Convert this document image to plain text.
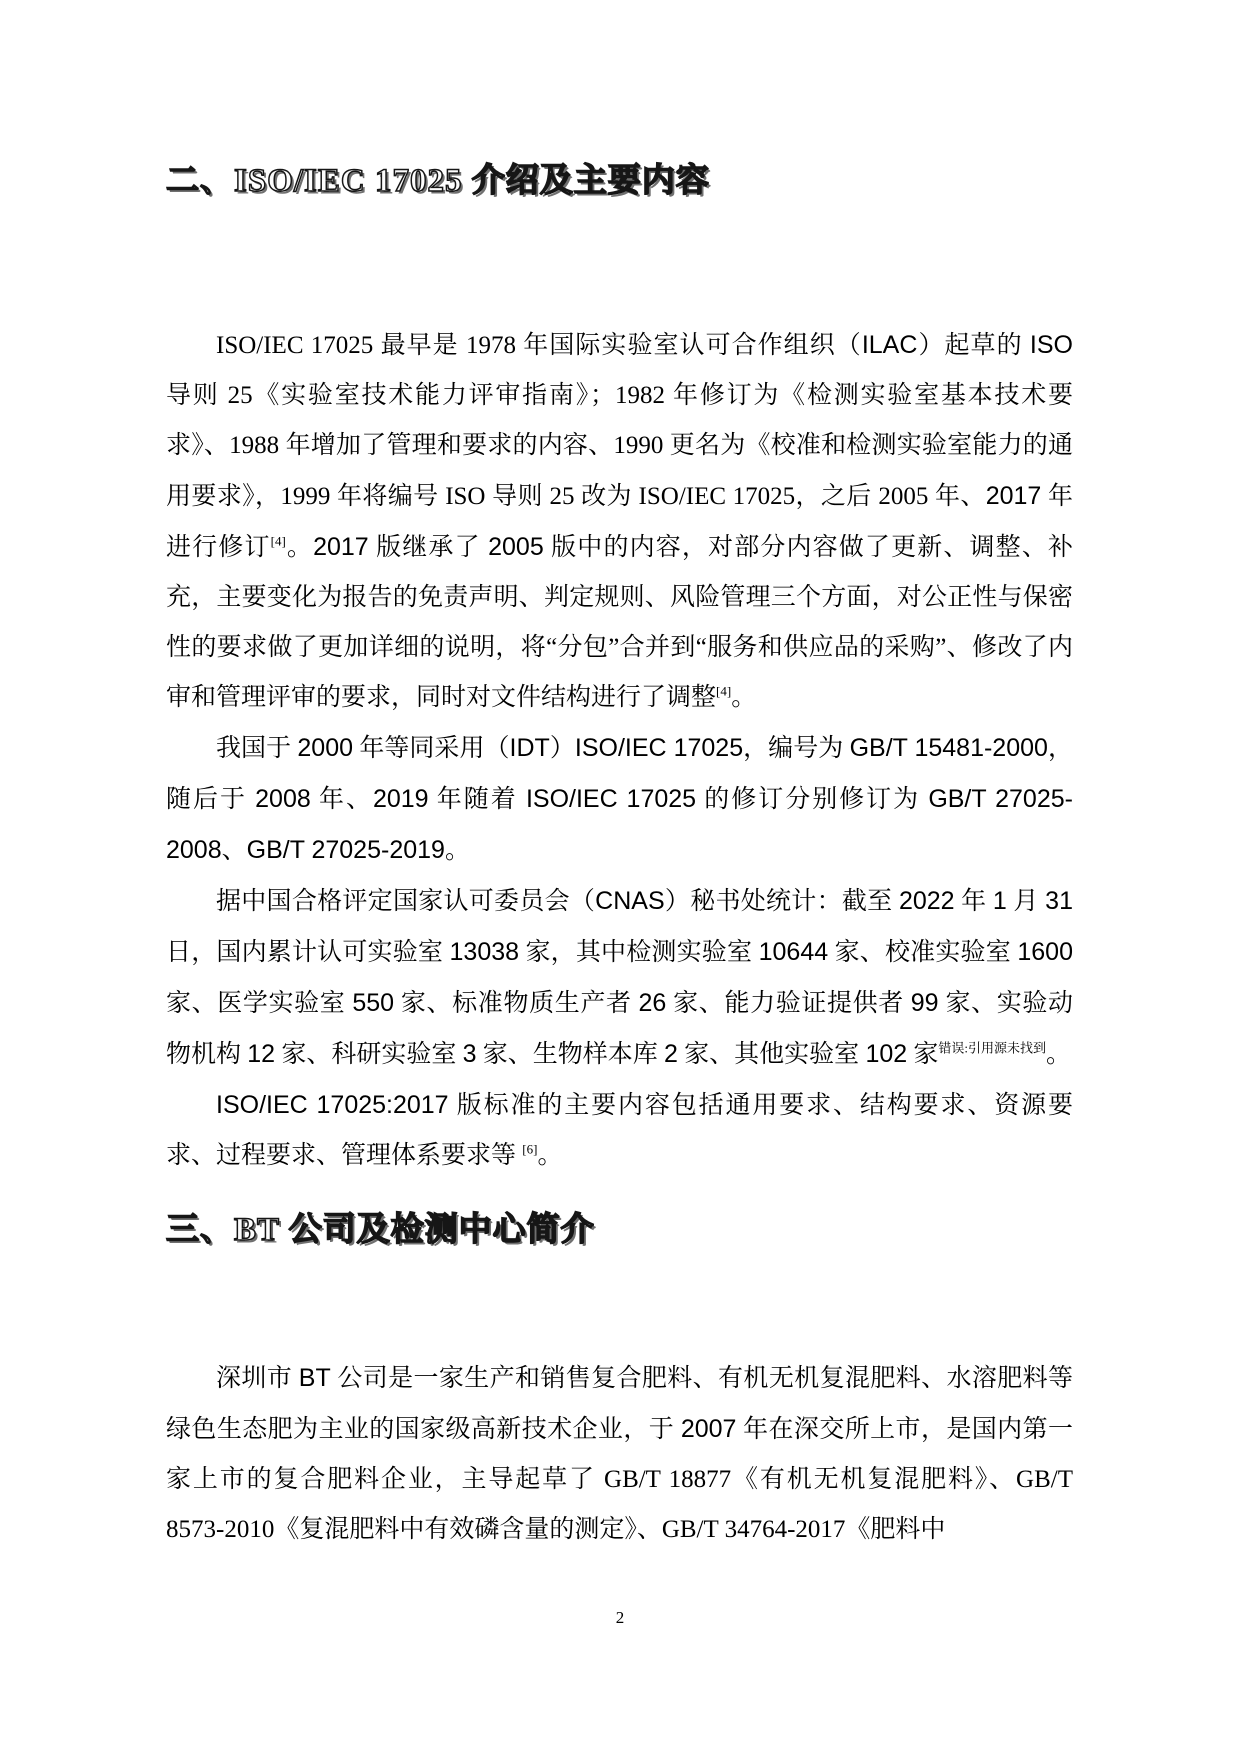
二、ISO/IEC 17025 介绍及主要内容

ISO/IEC 17025 最早是 1978 年国际实验室认可合作组织（ILAC）起草的 ISO 导则 25《实验室技术能力评审指南》；1982 年修订为《检测实验室基本技术要求》、1988 年增加了管理和要求的内容、1990 更名为《校准和检测实验室能力的通用要求》，1999 年将编号 ISO 导则 25 改为 ISO/IEC 17025，之后 2005 年、2017 年进行修订[4]。2017 版继承了 2005 版中的内容，对部分内容做了更新、调整、补充，主要变化为报告的免责声明、判定规则、风险管理三个方面，对公正性与保密性的要求做了更加详细的说明，将“分包”合并到“服务和供应品的采购”、修改了内审和管理评审的要求，同时对文件结构进行了调整[4]。

我国于 2000 年等同采用（IDT）ISO/IEC 17025，编号为 GB/T 15481-2000，随后于 2008 年、2019 年随着 ISO/IEC 17025 的修订分别修订为 GB/T 27025-2008、GB/T 27025-2019。

据中国合格评定国家认可委员会（CNAS）秘书处统计：截至 2022 年 1 月 31 日，国内累计认可实验室 13038 家，其中检测实验室 10644 家、校准实验室 1600 家、医学实验室 550 家、标准物质生产者 26 家、能力验证提供者 99 家、实验动物机构 12 家、科研实验室 3 家、生物样本库 2 家、其他实验室 102 家$^{错误:引用源未找到}$。

ISO/IEC 17025:2017 版标准的主要内容包括通用要求、结构要求、资源要求、过程要求、管理体系要求等 [6]。

三、BT 公司及检测中心简介

深圳市 BT 公司是一家生产和销售复合肥料、有机无机复混肥料、水溶肥料等绿色生态肥为主业的国家级高新技术企业，于 2007 年在深交所上市，是国内第一家上市的复合肥料企业，主导起草了 GB/T 18877《有机无机复混肥料》、GB/T 8573-2010《复混肥料中有效磷含量的测定》、GB/T 34764-2017《肥料中

2
